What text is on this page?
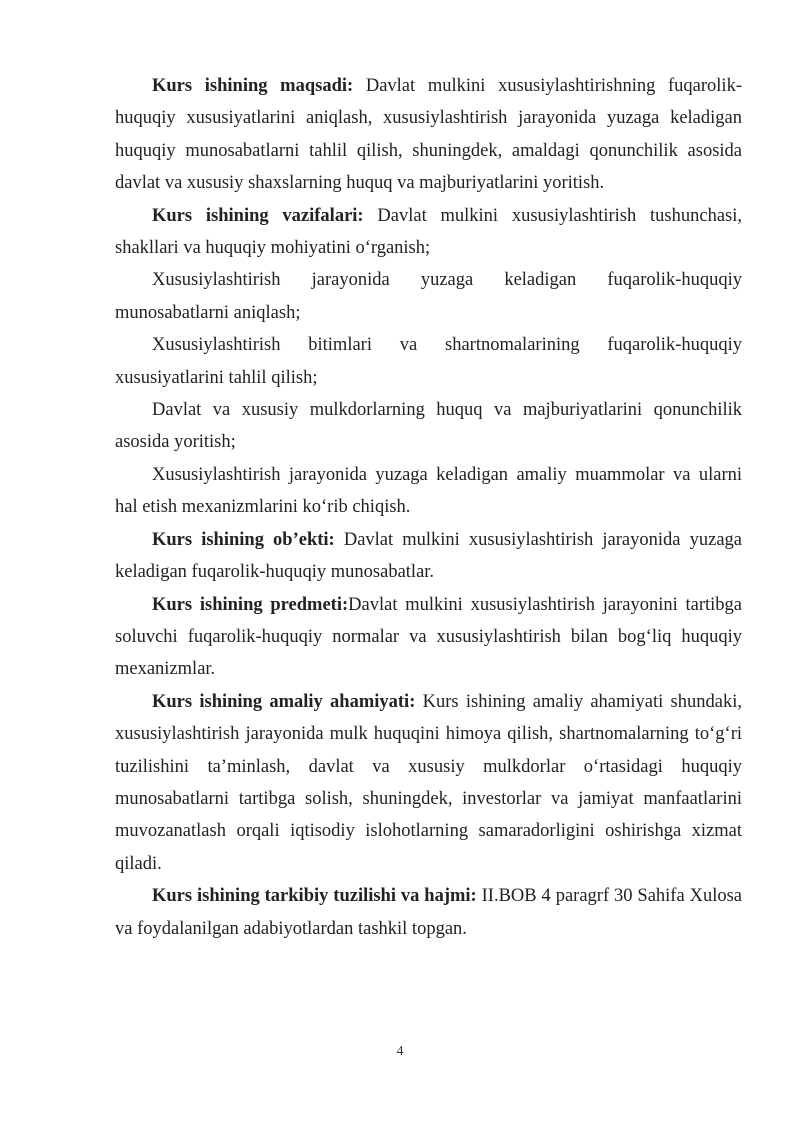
Kurs ishining maqsadi: Davlat mulkini xususiylashtirishning fuqarolik-huquqiy xususiyatlarini aniqlash, xususiylashtirish jarayonida yuzaga keladigan huquqiy munosabatlarni tahlil qilish, shuningdek, amaldagi qonunchilik asosida davlat va xususiy shaxslarning huquq va majburiyatlarini yoritish.

Kurs ishining vazifalari: Davlat mulkini xususiylashtirish tushunchasi, shakllari va huquqiy mohiyatini o‘rganish;

Xususiylashtirish jarayonida yuzaga keladigan fuqarolik-huquqiy munosabatlarni aniqlash;

Xususiylashtirish bitimlari va shartnomalarining fuqarolik-huquqiy xususiyatlarini tahlil qilish;

Davlat va xususiy mulkdorlarning huquq va majburiyatlarini qonunchilik asosida yoritish;

Xususiylashtirish jarayonida yuzaga keladigan amaliy muammolar va ularni hal etish mexanizmlarini ko‘rib chiqish.

Kurs ishining ob’ekti: Davlat mulkini xususiylashtirish jarayonida yuzaga keladigan fuqarolik-huquqiy munosabatlar.

Kurs ishining predmeti:Davlat mulkini xususiylashtirish jarayonini tartibga soluvchi fuqarolik-huquqiy normalar va xususiylashtirish bilan bog‘liq huquqiy mexanizmlar.

Kurs ishining amaliy ahamiyati: Kurs ishining amaliy ahamiyati shundaki, xususiylashtirish jarayonida mulk huquqini himoya qilish, shartnomalarning to‘g‘ri tuzilishini ta’minlash, davlat va xususiy mulkdorlar o‘rtasidagi huquqiy munosabatlarni tartibga solish, shuningdek, investorlar va jamiyat manfaatlarini muvozanatlash orqali iqtisodiy islohotlarning samaradorligini oshirishga xizmat qiladi.

Kurs ishining tarkibiy tuzilishi va hajmi: II.BOB 4 paragrf 30 Sahifa Xulosa va foydalanilgan adabiyotlardan tashkil topgan.

4
